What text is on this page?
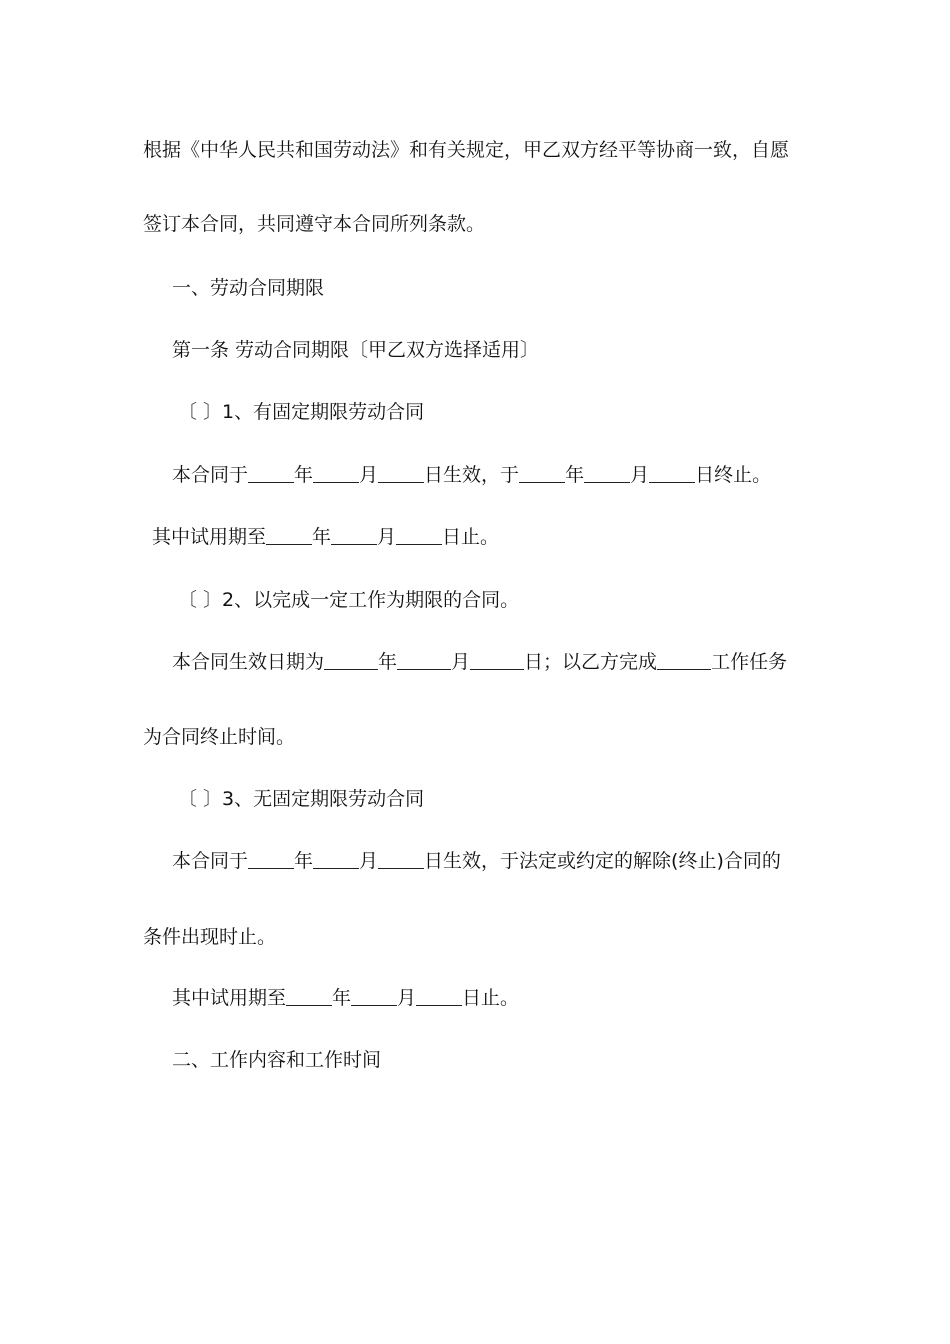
根据《中华人民共和国劳动法》和有关规定，甲乙双方经平等协商一致，自愿
签订本合同，共同遵守本合同所列条款。
一、劳动合同期限
第一条 劳动合同期限〔甲乙双方选择适用〕
〔 〕1、有固定期限劳动合同
本合同于 年 月 日生效，于 年 月 日终止。
其中试用期至 年 月 日止。
〔 〕2、以完成一定工作为期限的合同。
本合同生效日期为	年	月	日；以乙方完成	工作任务
为合同终止时间。
〔 〕3、无固定期限劳动合同
本合同于 年 月 日生效，于法定或约定的解除(终止)合同的
条件出现时止。
其中试用期至 年 月 日止。
二、工作内容和工作时间
